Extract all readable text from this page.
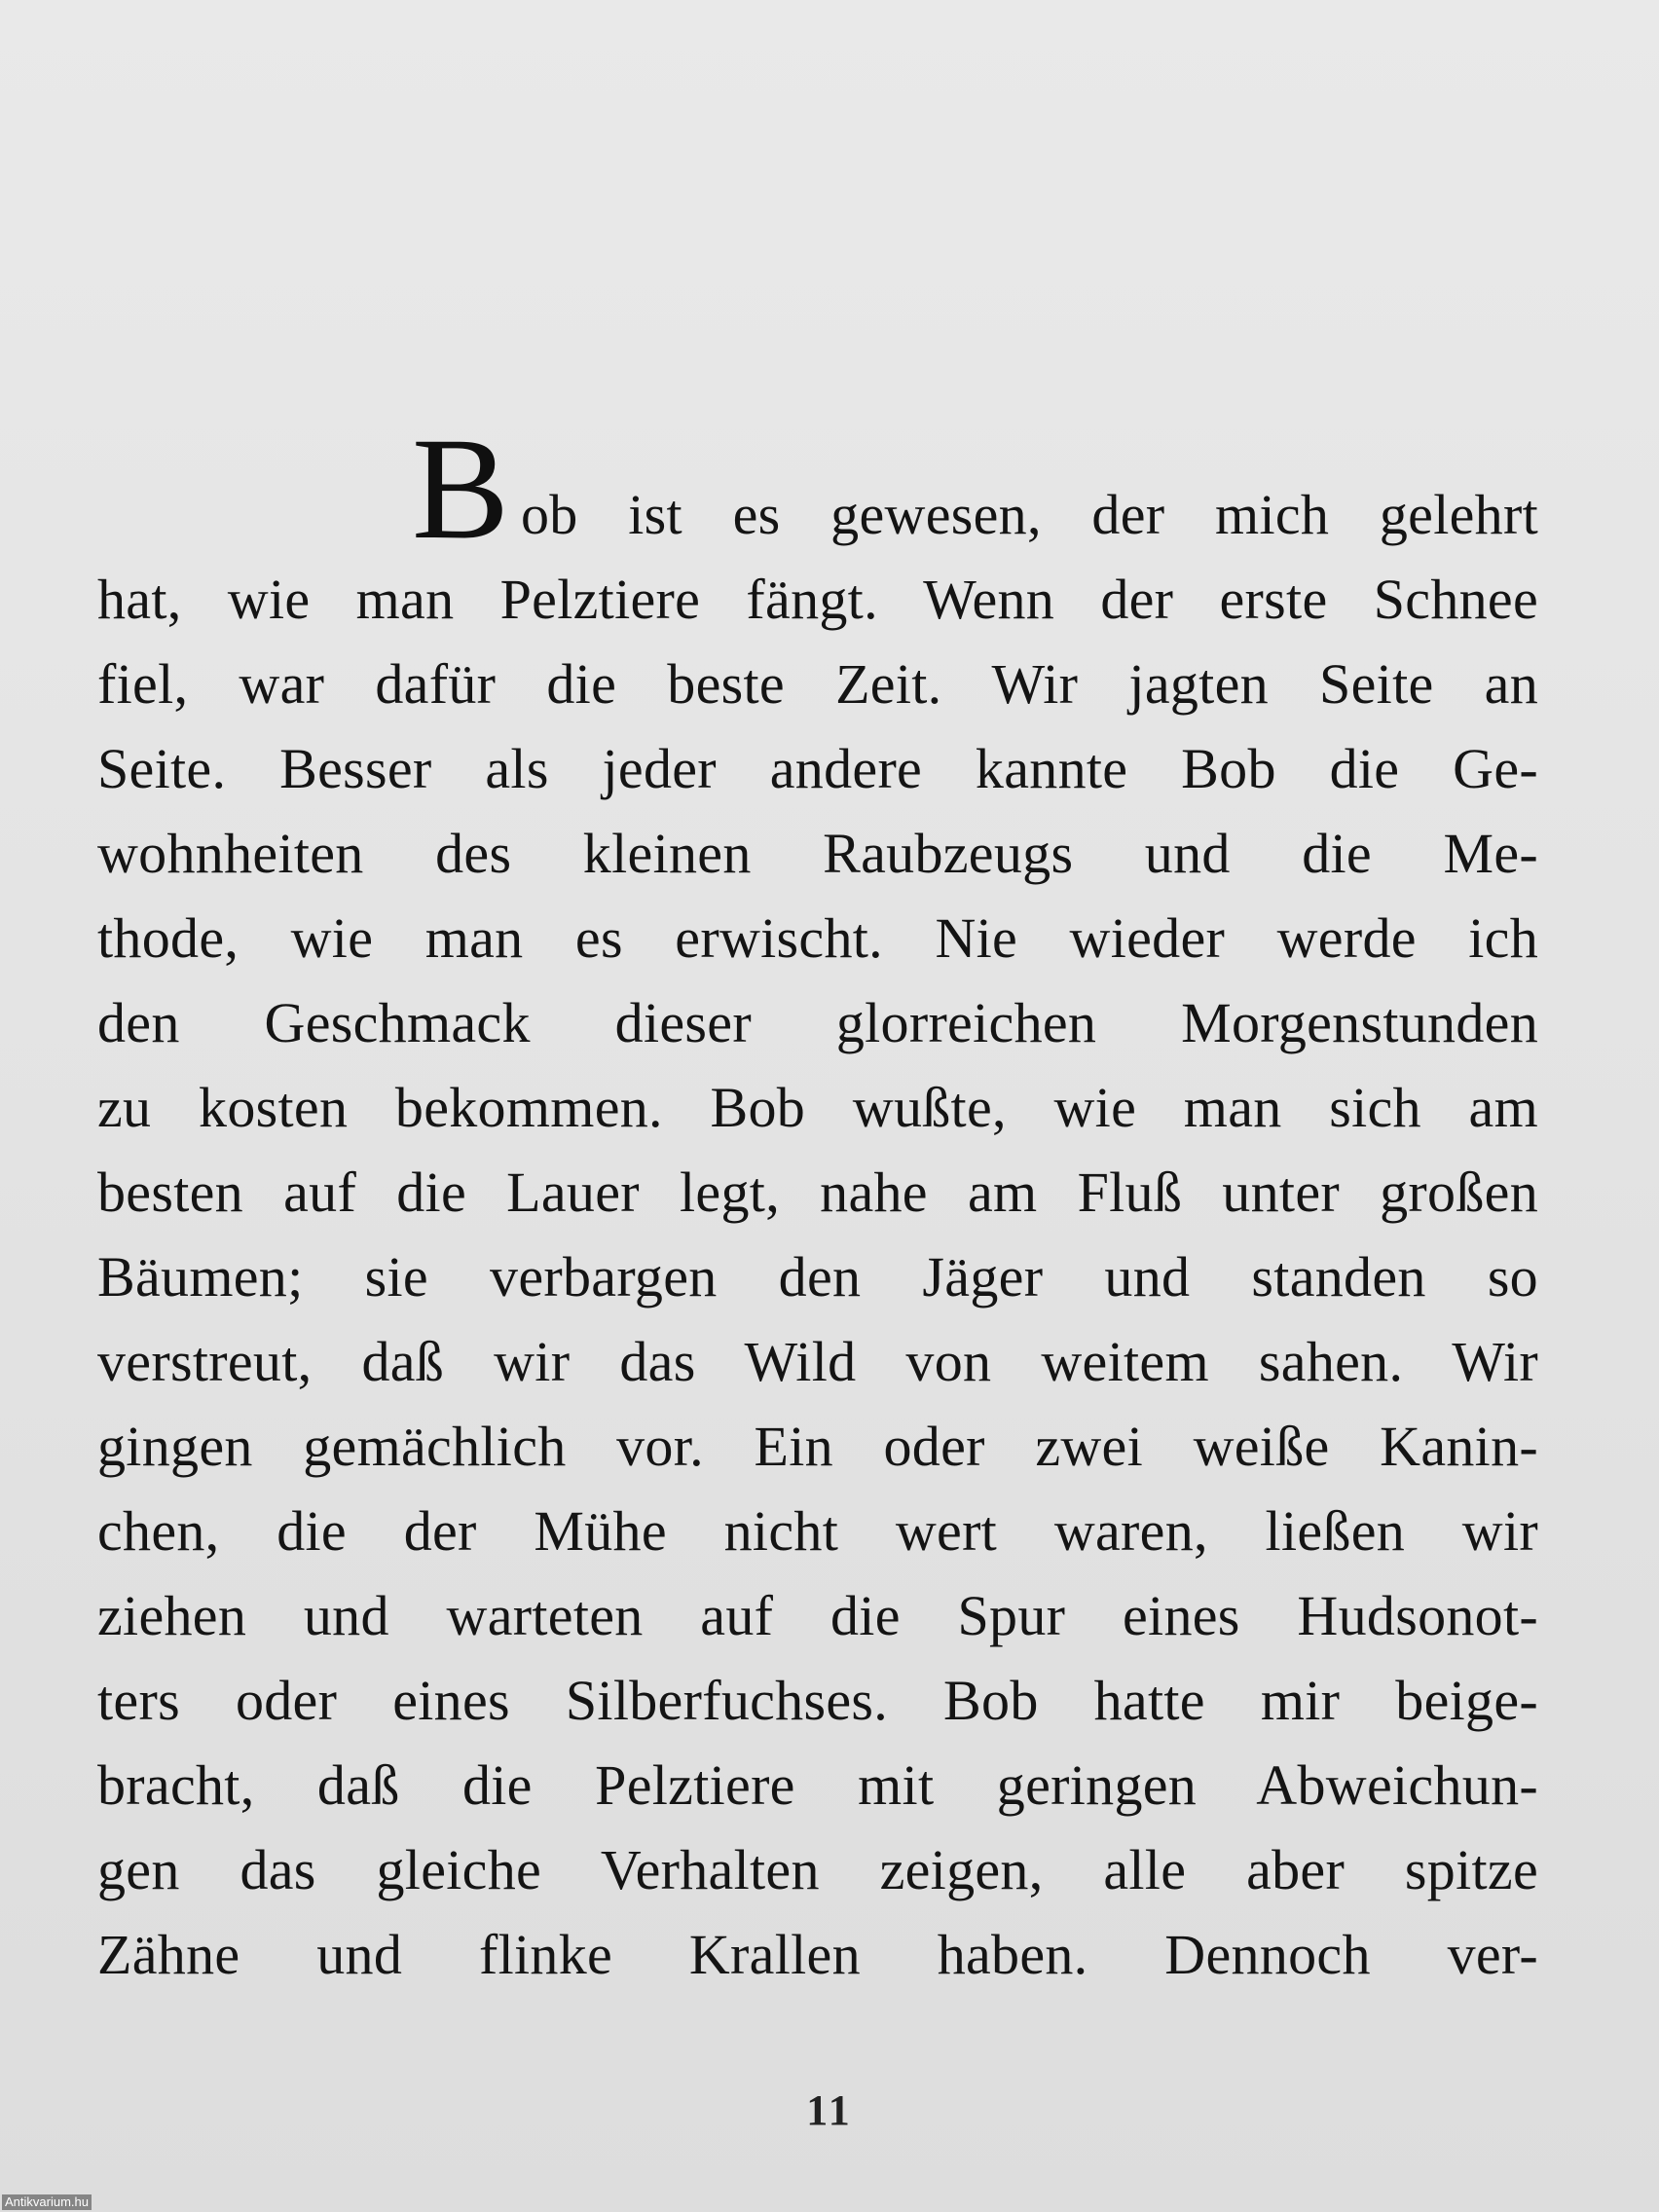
B ob ist es gewesen, der mich gelehrt
hat, wie man Pelztiere fängt. Wenn der erste Schnee
fiel, war dafür die beste Zeit. Wir jagten Seite an
Seite. Besser als jeder andere kannte Bob die Ge-
wohnheiten des kleinen Raubzeugs und die Me-
thode, wie man es erwischt. Nie wieder werde ich
den Geschmack dieser glorreichen Morgenstunden
zu kosten bekommen. Bob wußte, wie man sich am
besten auf die Lauer legt, nahe am Fluß unter großen
Bäumen; sie verbargen den Jäger und standen so
verstreut, daß wir das Wild von weitem sahen. Wir
gingen gemächlich vor. Ein oder zwei weiße Kanin-
chen, die der Mühe nicht wert waren, ließen wir
ziehen und warteten auf die Spur eines Hudsonot-
ters oder eines Silberfuchses. Bob hatte mir beige-
bracht, daß die Pelztiere mit geringen Abweichun-
gen das gleiche Verhalten zeigen, alle aber spitze
Zähne und flinke Krallen haben. Dennoch ver-
11
Antikvarium.hu
